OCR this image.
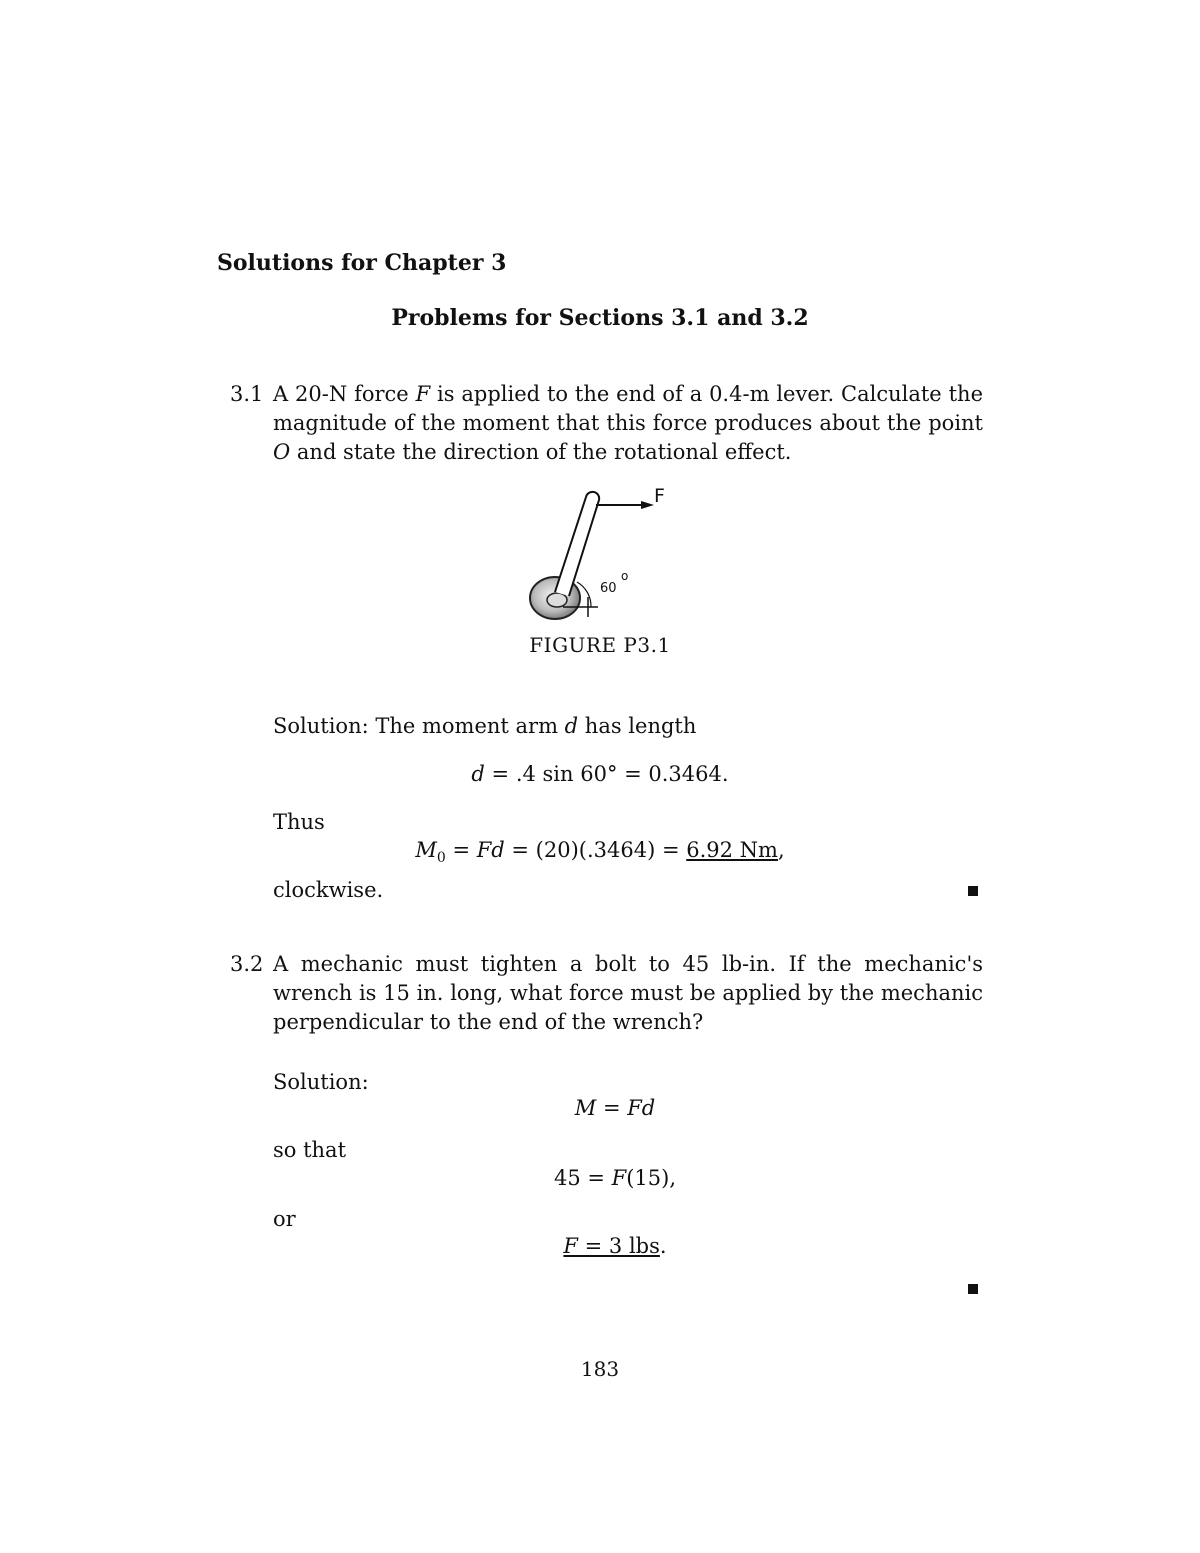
Solutions for Chapter 3
Problems for Sections 3.1 and 3.2
3.1 A 20-N force F is applied to the end of a 0.4-m lever. Calculate the magnitude of the moment that this force produces about the point O and state the direction of the rotational effect.
F
60
o
FIGURE P3.1
Solution: The moment arm d has length
d = .4 sin 60° = 0.3464.
Thus
$M_0 = Fd = (20)(.3464) = 6.92$ Nm,
clockwise.
3.2 A mechanic must tighten a bolt to 45 lb-in. If the mechanic's wrench is 15 in. long, what force must be applied by the mechanic perpendicular to the end of the wrench?
Solution:
M = Fd
so that
45 = F(15),
or
F = 3 lbs.
183
